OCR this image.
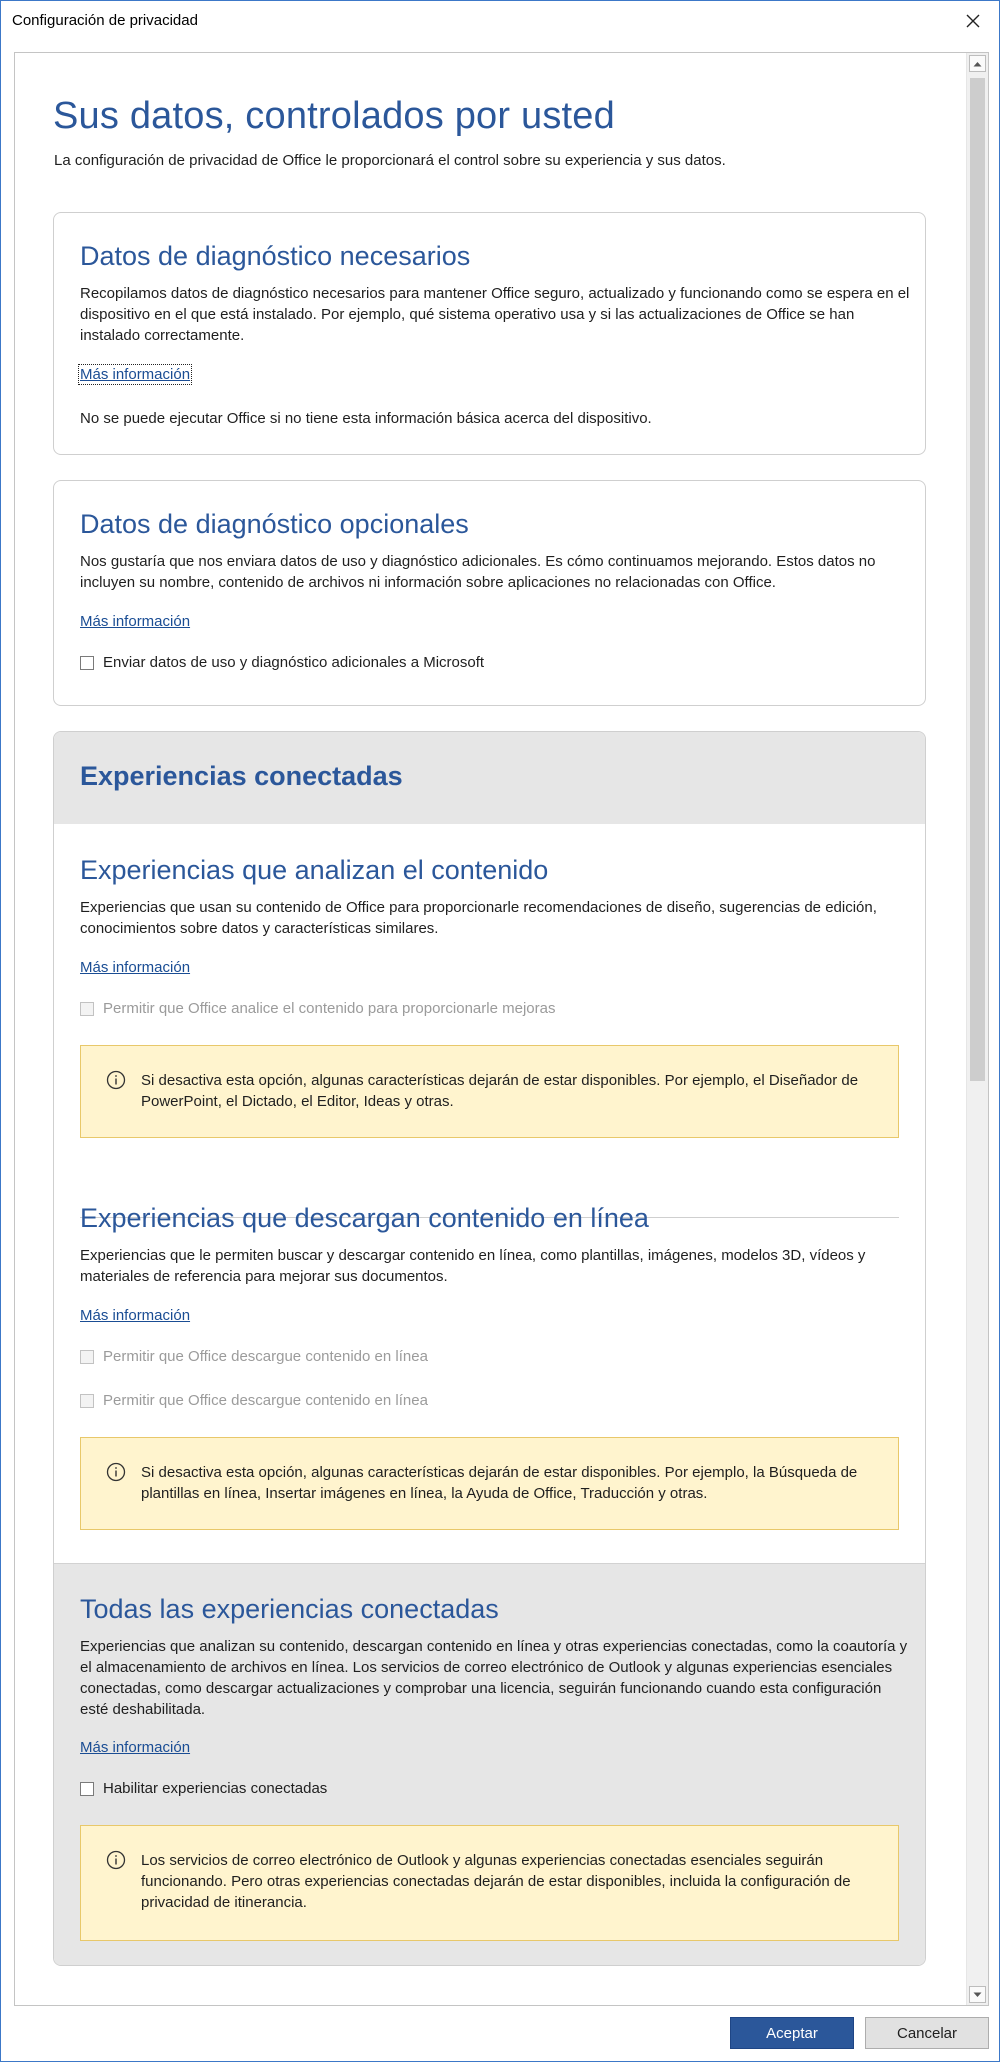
Configuración de privacidad
Sus datos, controlados por usted
La configuración de privacidad de Office le proporcionará el control sobre su experiencia y sus datos.
Datos de diagnóstico necesarios
Recopilamos datos de diagnóstico necesarios para mantener Office seguro, actualizado y funcionando como se espera en el dispositivo en el que está instalado. Por ejemplo, qué sistema operativo usa y si las actualizaciones de Office se han instalado correctamente.
Más información
No se puede ejecutar Office si no tiene esta información básica acerca del dispositivo.
Datos de diagnóstico opcionales
Nos gustaría que nos enviara datos de uso y diagnóstico adicionales. Es cómo continuamos mejorando. Estos datos no incluyen su nombre, contenido de archivos ni información sobre aplicaciones no relacionadas con Office.
Más información
Enviar datos de uso y diagnóstico adicionales a Microsoft
Experiencias conectadas
Experiencias que analizan el contenido
Experiencias que usan su contenido de Office para proporcionarle recomendaciones de diseño, sugerencias de edición, conocimientos sobre datos y características similares.
Más información
Permitir que Office analice el contenido para proporcionarle mejoras
Si desactiva esta opción, algunas características dejarán de estar disponibles. Por ejemplo, el Diseñador de PowerPoint, el Dictado, el Editor, Ideas y otras.
Experiencias que descargan contenido en línea
Experiencias que le permiten buscar y descargar contenido en línea, como plantillas, imágenes, modelos 3D, vídeos y materiales de referencia para mejorar sus documentos.
Más información
Permitir que Office descargue contenido en línea
Permitir que Office descargue contenido en línea
Si desactiva esta opción, algunas características dejarán de estar disponibles. Por ejemplo, la Búsqueda de plantillas en línea, Insertar imágenes en línea, la Ayuda de Office, Traducción y otras.
Todas las experiencias conectadas
Experiencias que analizan su contenido, descargan contenido en línea y otras experiencias conectadas, como la coautoría y el almacenamiento de archivos en línea. Los servicios de correo electrónico de Outlook y algunas experiencias esenciales conectadas, como descargar actualizaciones y comprobar una licencia, seguirán funcionando cuando esta configuración esté deshabilitada.
Más información
Habilitar experiencias conectadas
Los servicios de correo electrónico de Outlook y algunas experiencias conectadas esenciales seguirán funcionando. Pero otras experiencias conectadas dejarán de estar disponibles, incluida la configuración de privacidad de itinerancia.
Aceptar	Cancelar
